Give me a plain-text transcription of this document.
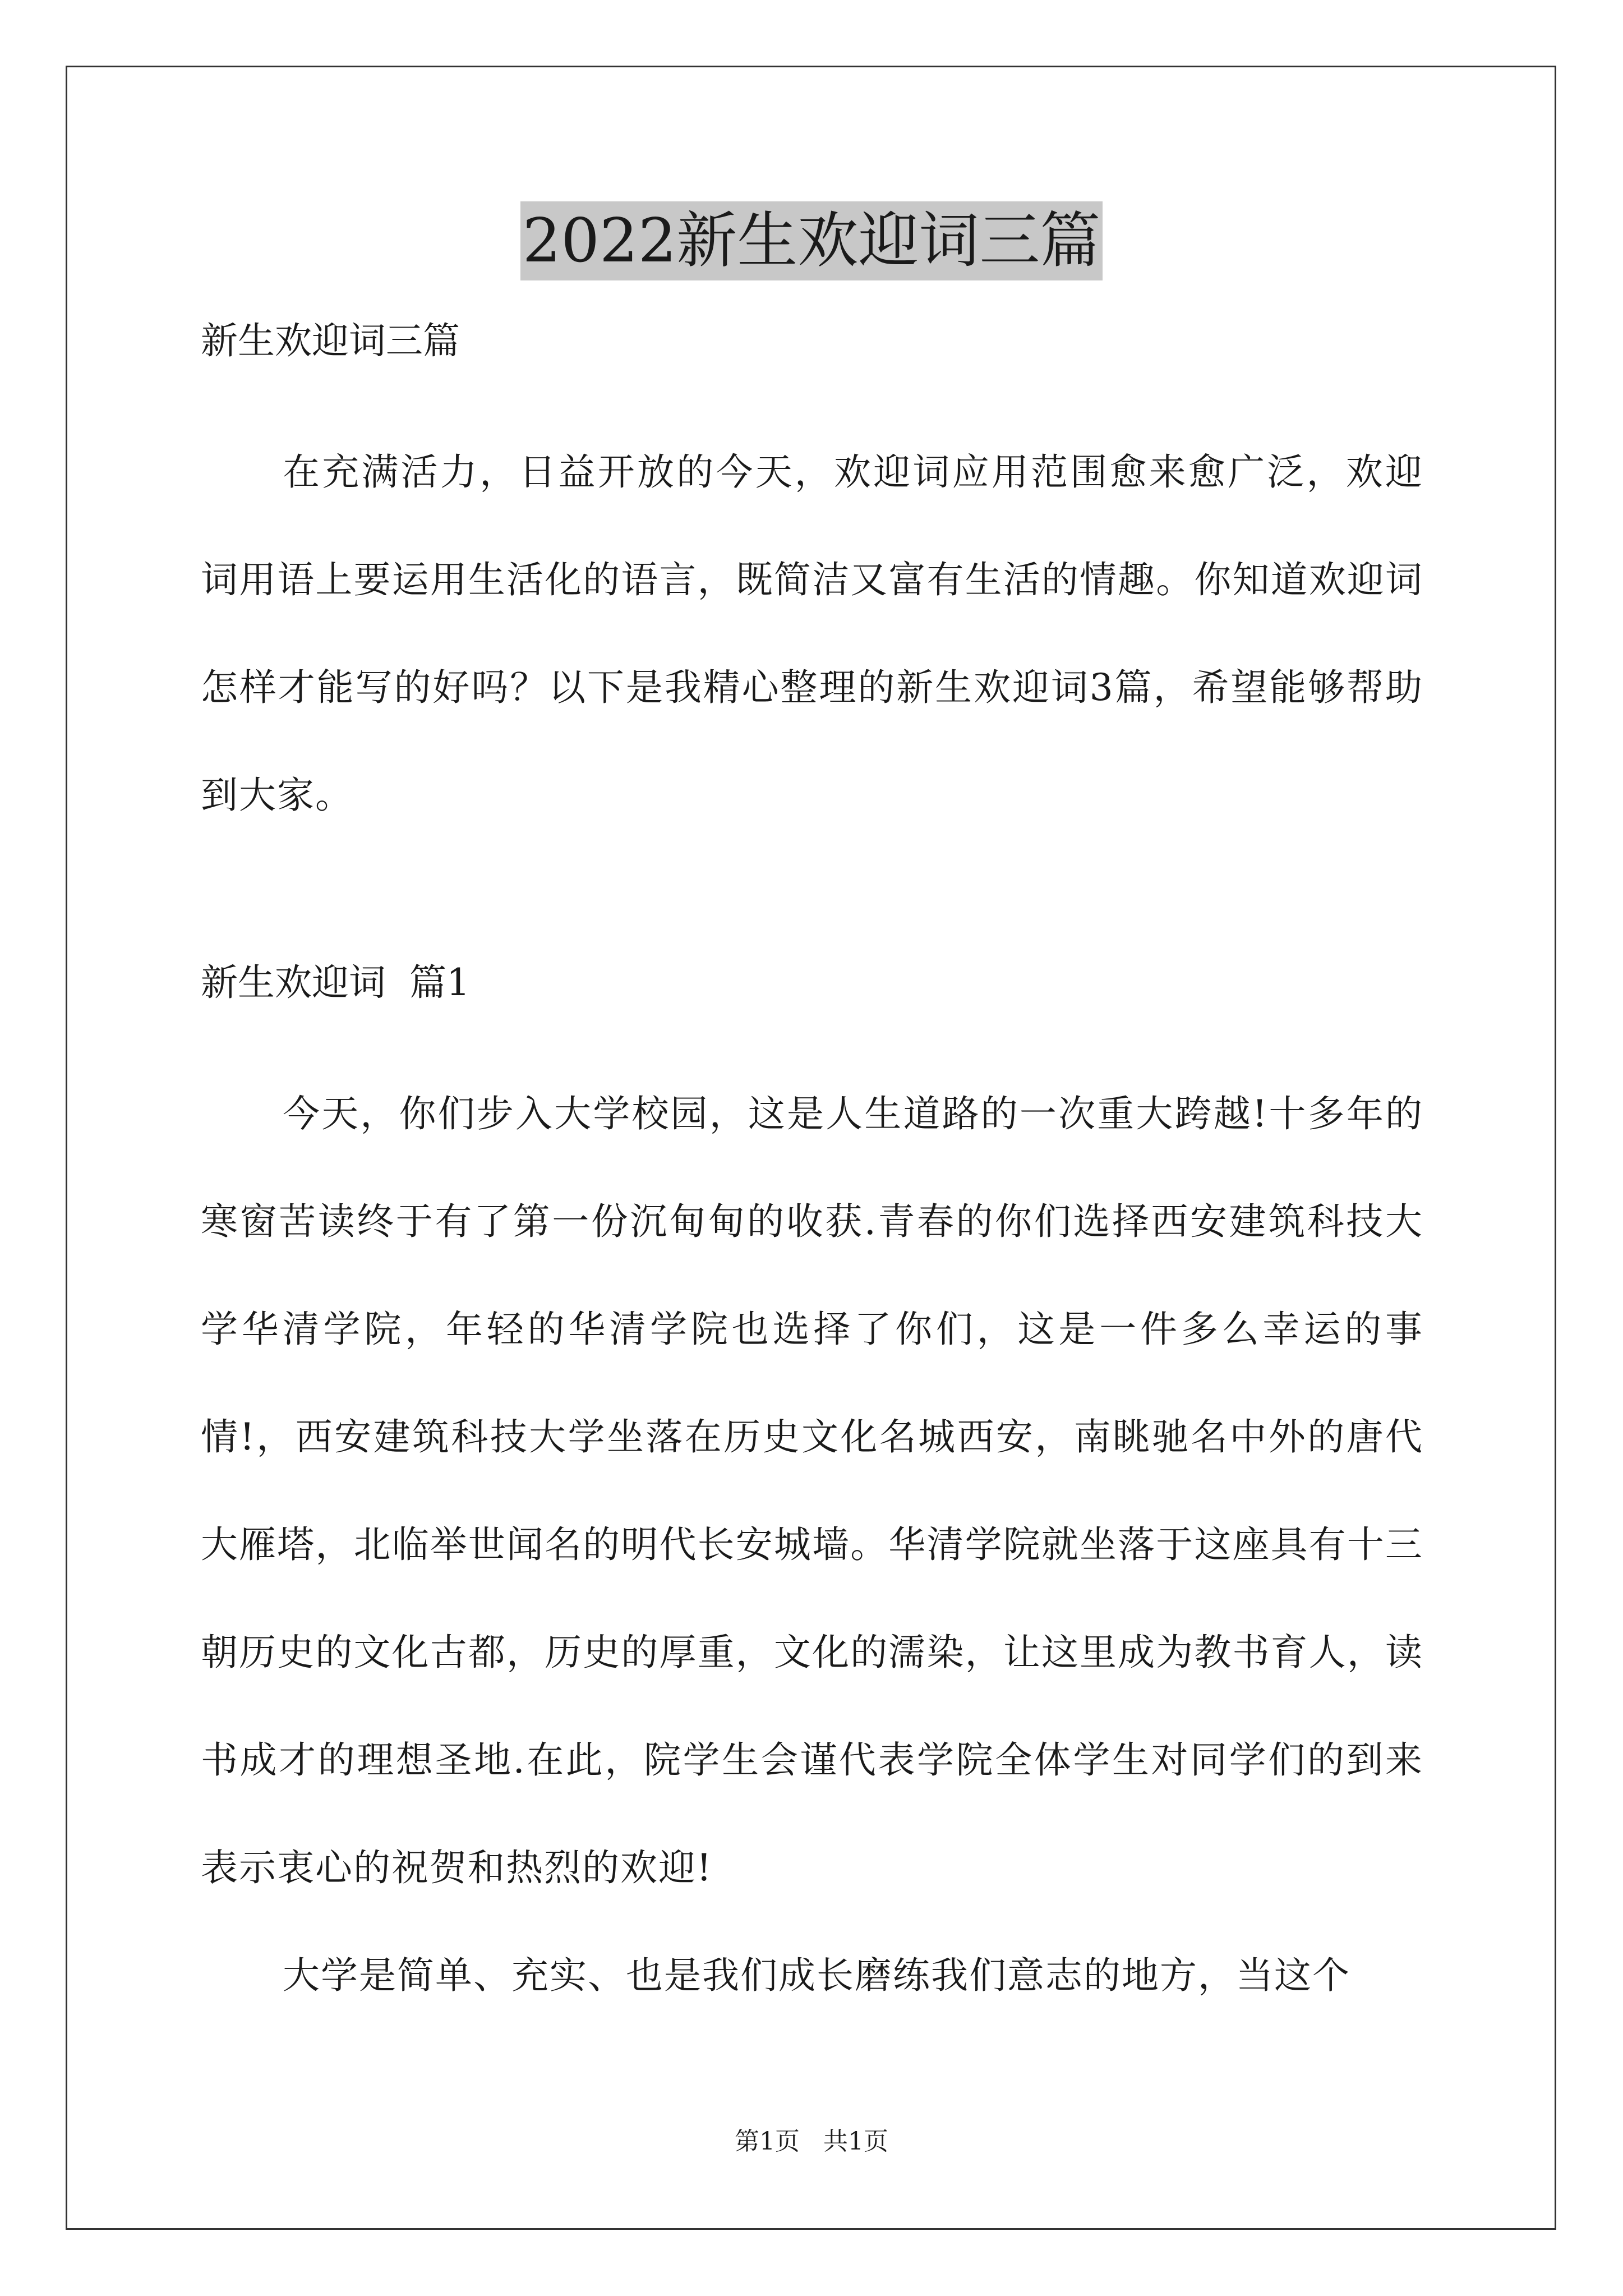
2022新生欢迎词三篇

新生欢迎词三篇

在充满活力，日益开放的今天，欢迎词应用范围愈来愈广泛，欢迎词用语上要运用生活化的语言，既简洁又富有生活的情趣。你知道欢迎词怎样才能写的好吗？以下是我精心整理的新生欢迎词3篇，希望能够帮助到大家。

新生欢迎词  篇1

今天，你们步入大学校园，这是人生道路的一次重大跨越!十多年的寒窗苦读终于有了第一份沉甸甸的收获.青春的你们选择西安建筑科技大学华清学院，年轻的华清学院也选择了你们，这是一件多么幸运的事情!，西安建筑科技大学坐落在历史文化名城西安，南眺驰名中外的唐代大雁塔，北临举世闻名的明代长安城墙。华清学院就坐落于这座具有十三朝历史的文化古都，历史的厚重，文化的濡染，让这里成为教书育人，读书成才的理想圣地.在此，院学生会谨代表学院全体学生对同学们的到来表示衷心的祝贺和热烈的欢迎!

大学是简单、充实、也是我们成长磨练我们意志的地方，当这个

第1页   共1页
